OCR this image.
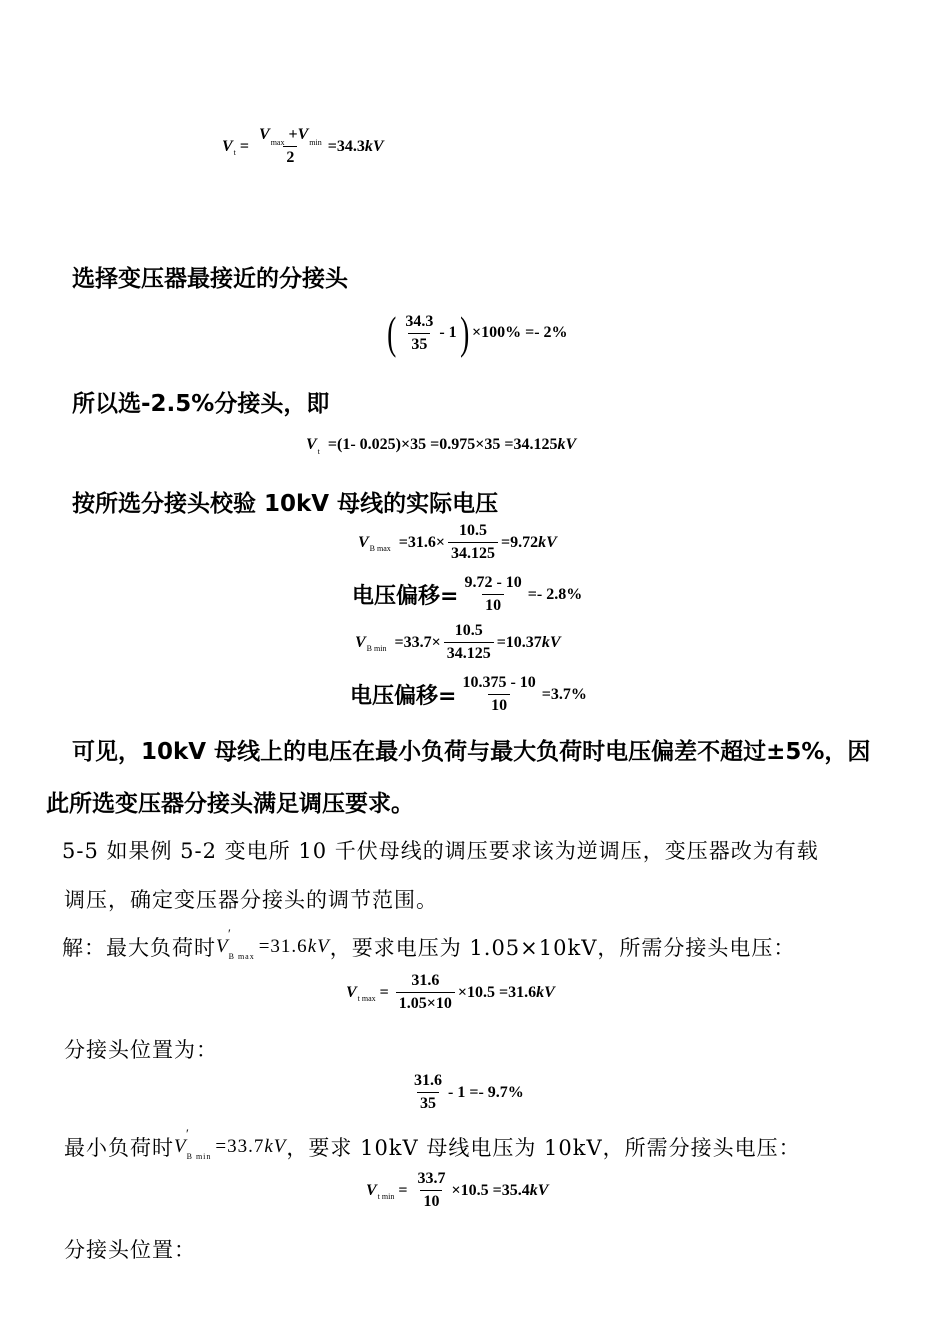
V $t = \frac{V_{max} +V_{min}}{2} =34.3$ kV
选择变压器最接近的分接头
( $\frac{34.3}{35} - 1$ ) ×100% =- 2%
所以选-2.5%分接头，即
V t =(1- 0.025)×35 =0.975×35 =34.125 kV
按所选分接头校验 10kV 母线的实际电压
V B $\max =31.6\times \frac{10.5}{34.125} =9.72$ kV
电压偏移= $\frac{9.72 - 10}{10} =- 2.8\%$
V B $\min =33.7\times \frac{10.5}{34.125} =10.37$ kV
电压偏移= $\frac{10.375 - 10}{10} =3.7\%$
可见，10kV 母线上的电压在最小负荷与最大负荷时电压偏差不超过±5%，因
此所选变压器分接头满足调压要求。
5-5 如果例 5-2 变电所 10 千伏母线的调压要求该为逆调压，变压器改为有载
调压，确定变压器分接头的调节范围。
解：最大负荷时 V
′
$_{B max}$ =31.6 kV ，要求电压为 1.05×10kV，所需分接头电压：
V t $\max = \frac{31.6}{1.05\times 10} \times 10.5 =31.6$ kV
分接头位置为：
$\frac{31.6}{35} - 1 =- 9.7\%$
最小负荷时 V
′
$_{B min}$ =33.7 kV ，要求 10kV 母线电压为 10kV，所需分接头电压：
V t $\min = \frac{33.7}{10} \times 10.5 =35.4$ kV
分接头位置：
